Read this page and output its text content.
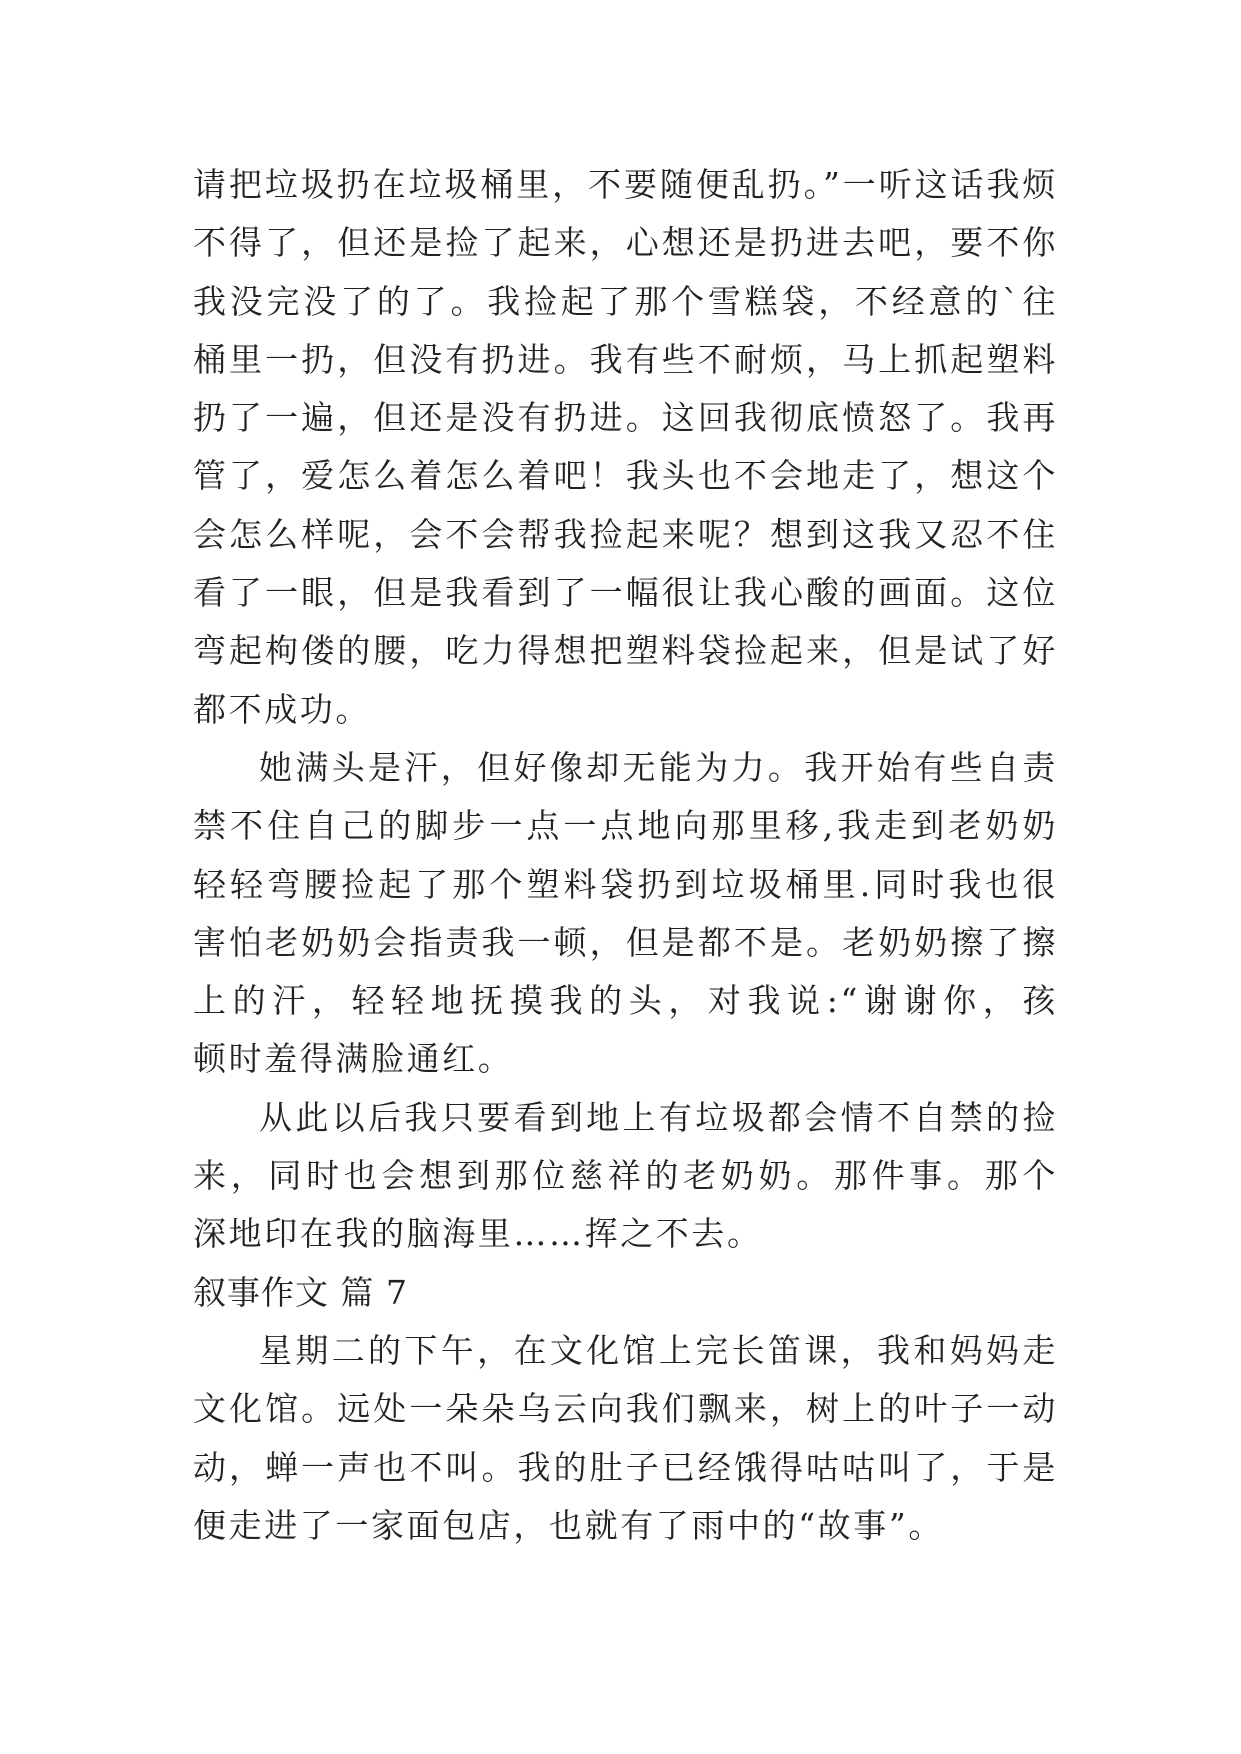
请把垃圾扔在垃圾桶里，不要随便乱扔。”一听这话我烦
不得了，但还是捡了起来，心想还是扔进去吧，要不你
我没完没了的了。我捡起了那个雪糕袋，不经意的`往
桶里一扔，但没有扔进。我有些不耐烦，马上抓起塑料
扔了一遍，但还是没有扔进。这回我彻底愤怒了。我再
管了，爱怎么着怎么着吧！我头也不会地走了，想这个
会怎么样呢，会不会帮我捡起来呢？想到这我又忍不住
看了一眼，但是我看到了一幅很让我心酸的画面。这位
弯起枸偻的腰，吃力得想把塑料袋捡起来，但是试了好
都不成功。
她满头是汗，但好像却无能为力。我开始有些自责
禁不住自己的脚步一点一点地向那里移,我走到老奶奶
轻轻弯腰捡起了那个塑料袋扔到垃圾桶里.同时我也很
害怕老奶奶会指责我一顿，但是都不是。老奶奶擦了擦
上的汗，轻轻地抚摸我的头，对我说:“谢谢你，孩
顿时羞得满脸通红。
从此以后我只要看到地上有垃圾都会情不自禁的捡
来，同时也会想到那位慈祥的老奶奶。那件事。那个
深地印在我的脑海里……挥之不去。
叙事作文 篇 7
星期二的下午，在文化馆上完长笛课，我和妈妈走
文化馆。远处一朵朵乌云向我们飘来，树上的叶子一动
动，蝉一声也不叫。我的肚子已经饿得咕咕叫了，于是
便走进了一家面包店，也就有了雨中的“故事”。
